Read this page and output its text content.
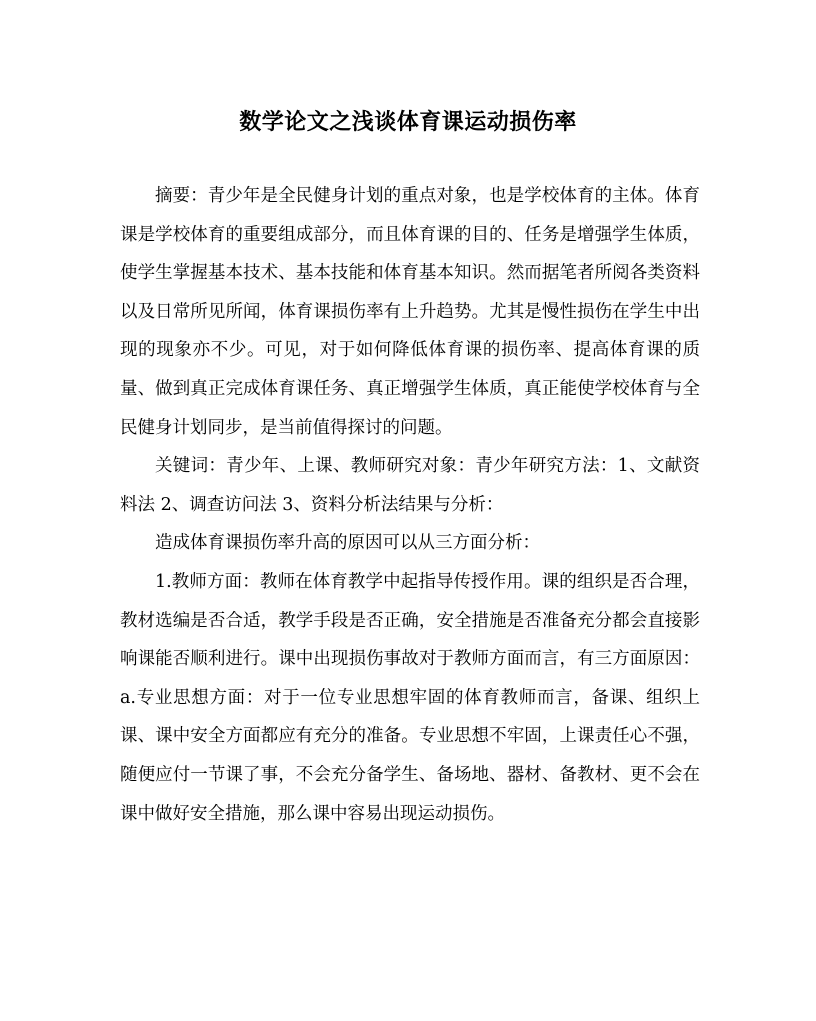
数学论文之浅谈体育课运动损伤率

摘要：青少年是全民健身计划的重点对象，也是学校体育的主体。体育课是学校体育的重要组成部分，而且体育课的目的、任务是增强学生体质，使学生掌握基本技术、基本技能和体育基本知识。然而据笔者所阅各类资料以及日常所见所闻，体育课损伤率有上升趋势。尤其是慢性损伤在学生中出现的现象亦不少。可见，对于如何降低体育课的损伤率、提高体育课的质量、做到真正完成体育课任务、真正增强学生体质，真正能使学校体育与全民健身计划同步，是当前值得探讨的问题。

关键词：青少年、上课、教师研究对象：青少年研究方法：1、文献资料法 2、调查访问法 3、资料分析法结果与分析：

造成体育课损伤率升高的原因可以从三方面分析：

1.教师方面：教师在体育教学中起指导传授作用。课的组织是否合理，教材选编是否合适，教学手段是否正确，安全措施是否准备充分都会直接影响课能否顺利进行。课中出现损伤事故对于教师方面而言，有三方面原因：a.专业思想方面：对于一位专业思想牢固的体育教师而言，备课、组织上课、课中安全方面都应有充分的准备。专业思想不牢固，上课责任心不强，随便应付一节课了事，不会充分备学生、备场地、器材、备教材、更不会在课中做好安全措施，那么课中容易出现运动损伤。
